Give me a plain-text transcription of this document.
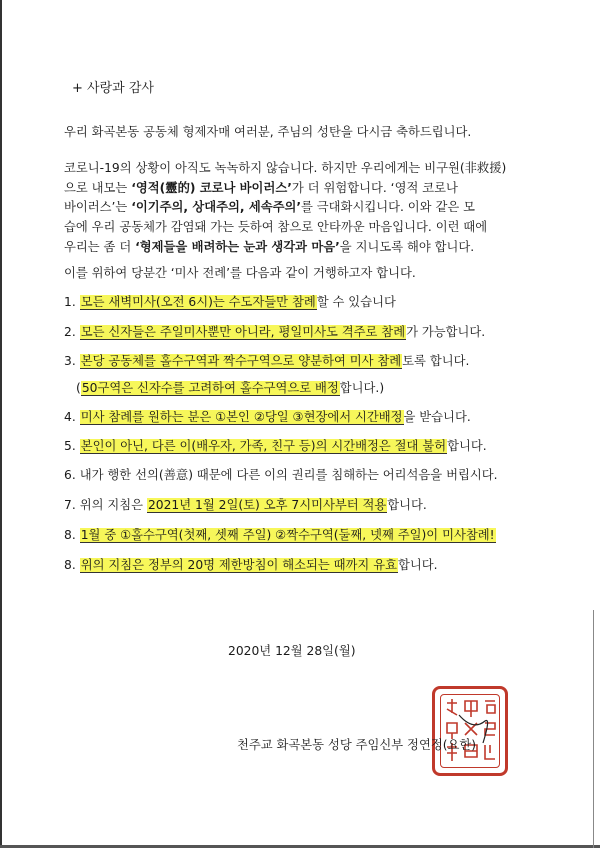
+ 사랑과 감사
우리 화곡본동 공동체 형제자매 여러분, 주님의 성탄을 다시금 축하드립니다.
코로니-19의 상황이 아직도 녹녹하지 않습니다. 하지만 우리에게는 비구원(非救援)
으로 내모는 ‘영적(靈的) 코로나 바이러스’가 더 위험합니다. ‘영적 코로나
바이러스’는 ‘이기주의, 상대주의, 세속주의’를 극대화시킵니다. 이와 같은 모
습에 우리 공동체가 감염돼 가는 듯하여 참으로 안타까운 마음입니다. 이런 때에
우리는 좀 더 ‘형제들을 배려하는 눈과 생각과 마음’을 지니도록 해야 합니다.
이를 위하여 당분간 ‘미사 전례’를 다음과 같이 거행하고자 합니다.
1. 모든 새벽미사(오전 6시)는 수도자들만 참례할 수 있습니다
2. 모든 신자들은 주일미사뿐만 아니라, 평일미사도 격주로 참례가 가능합니다.
3. 본당 공동체를 홀수구역과 짝수구역으로 양분하여 미사 참례토록 합니다.
(50구역은 신자수를 고려하여 홀수구역으로 배정합니다.)
4. 미사 참례를 원하는 분은 ①본인 ②당일 ③현장에서 시간배정을 받습니다.
5. 본인이 아닌, 다른 이(배우자, 가족, 친구 등)의 시간배정은 절대 불허합니다.
6. 내가 행한 선의(善意) 때문에 다른 이의 권리를 침해하는 어리석음을 버립시다.
7. 위의 지침은 2021년 1월 2일(토) 오후 7시미사부터 적용합니다.
8. 1월 중 ①홀수구역(첫째, 셋째 주일) ②짝수구역(둘째, 넷째 주일)이 미사참례!
8. 위의 지침은 정부의 20명 제한방침이 해소되는 때까지 유효합니다.
2020년 12월 28일(월)
천주교 화곡본동 성당 주임신부 정연정(요한)
